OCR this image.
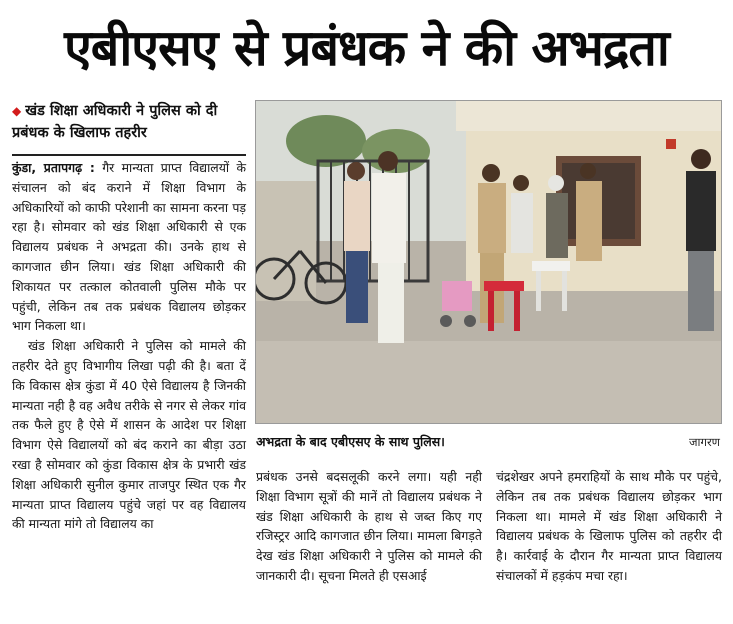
एबीएसए से प्रबंधक ने की अभद्रता
◆ खंड शिक्षा अधिकारी ने पुलिस को दी प्रबंधक के खिलाफ तहरीर

कुंडा, प्रतापगढ़ : गैर मान्यता प्राप्त विद्यालयों के संचालन को बंद कराने में शिक्षा विभाग के अधिकारियों को काफी परेशानी का सामना करना पड़ रहा है। सोमवार को खंड शिक्षा अधिकारी से एक विद्यालय प्रबंधक ने अभद्रता की। उनके हाथ से कागजात छीन लिया। खंड शिक्षा अधिकारी की शिकायत पर तत्काल कोतवाली पुलिस मौके पर पहुंची, लेकिन तब तक प्रबंधक विद्यालय छोड़कर भाग निकला था।

खंड शिक्षा अधिकारी ने पुलिस को मामले की तहरीर देते हुए विभागीय लिखा पढ़ी की है। बता दें कि विकास क्षेत्र कुंडा में 40 ऐसे विद्यालय है जिनकी मान्यता नही है वह अवैध तरीके से नगर से लेकर गांव तक फैले हुए है ऐसे में शासन के आदेश पर शिक्षा विभाग ऐसे विद्यालयों को बंद कराने का बीड़ा उठा रखा है सोमवार को कुंडा विकास क्षेत्र के प्रभारी खंड शिक्षा अधिकारी सुनील कुमार ताजपुर स्थित एक गैर मान्यता प्राप्त विद्यालय पहुंचे जहां पर वह विद्यालय की मान्यता मांगे तो विद्यालय का

अभद्रता के बाद एबीएसए के साथ पुलिस।	जागरण

प्रबंधक उनसे बदसलूकी करने लगा। यही नही शिक्षा विभाग सूत्रों की मानें तो विद्यालय प्रबंधक ने खंड शिक्षा अधिकारी के हाथ से जब्त किए गए रजिस्ट्रर आदि कागजात छीन लिया। मामला बिगड़ते देख खंड शिक्षा अधिकारी ने पुलिस को मामले की जानकारी दी। सूचना मिलते ही एसआई

चंद्रशेखर अपने हमराहियों के साथ मौके पर पहुंचे, लेकिन तब तक प्रबंधक विद्यालय छोड़कर भाग निकला था। मामले में खंड शिक्षा अधिकारी ने विद्यालय प्रबंधक के खिलाफ पुलिस को तहरीर दी है। कार्रवाई के दौरान गैर मान्यता प्राप्त विद्यालय संचालकों में हड़कंप मचा रहा।
